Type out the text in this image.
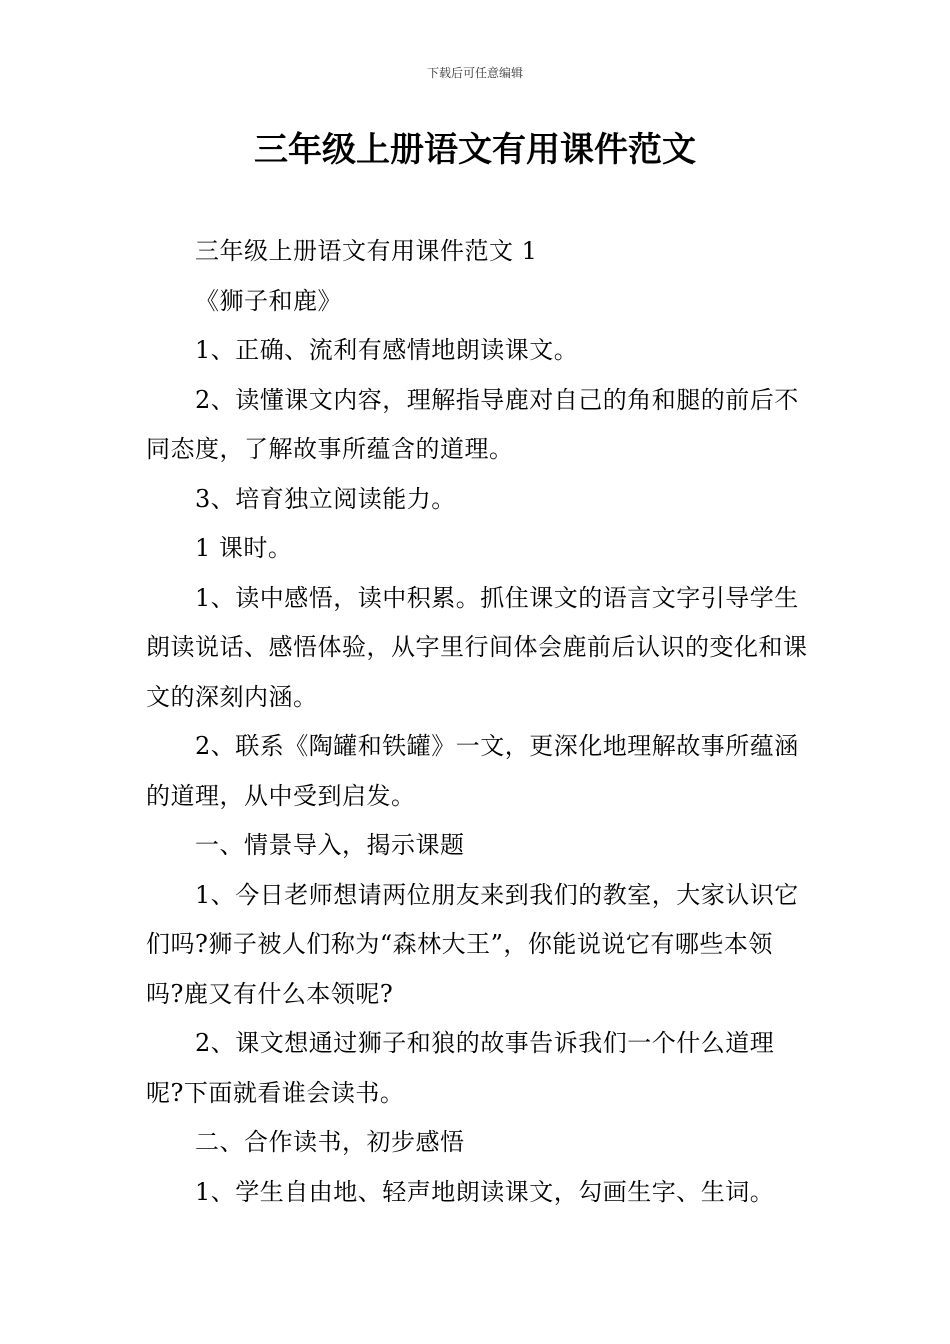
下载后可任意编辑
三年级上册语文有用课件范文

三年级上册语文有用课件范文 1

《狮子和鹿》

1、正确、流利有感情地朗读课文。

2、读懂课文内容，理解指导鹿对自己的角和腿的前后不同态度，了解故事所蕴含的道理。

3、培育独立阅读能力。

1 课时。

1、读中感悟，读中积累。抓住课文的语言文字引导学生朗读说话、感悟体验，从字里行间体会鹿前后认识的变化和课文的深刻内涵。

2、联系《陶罐和铁罐》一文，更深化地理解故事所蕴涵的道理，从中受到启发。

一、情景导入，揭示课题

1、今日老师想请两位朋友来到我们的教室，大家认识它们吗?狮子被人们称为“森林大王”，你能说说它有哪些本领吗?鹿又有什么本领呢?

2、课文想通过狮子和狼的故事告诉我们一个什么道理呢?下面就看谁会读书。

二、合作读书，初步感悟

1、学生自由地、轻声地朗读课文，勾画生字、生词。
